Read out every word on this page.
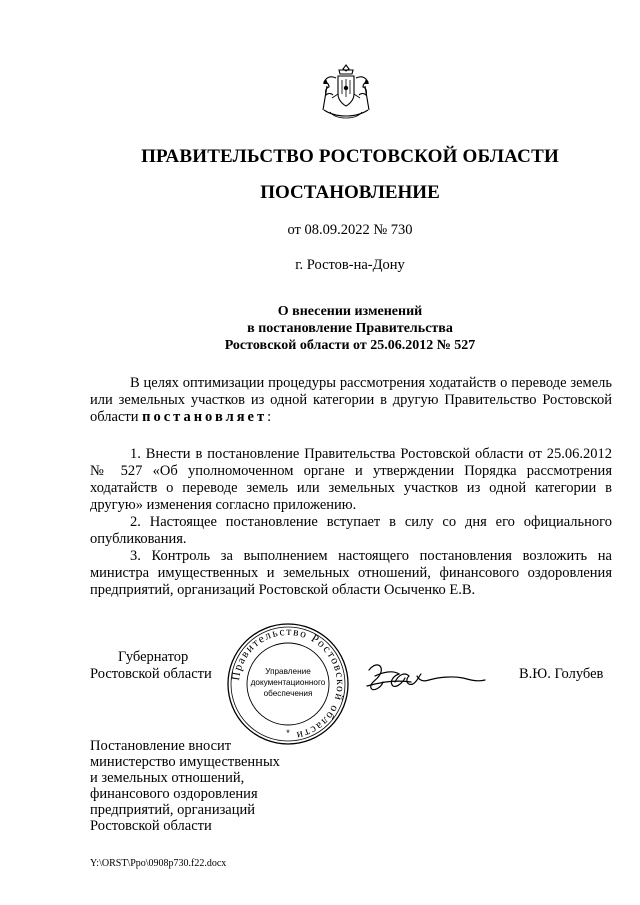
ПРАВИТЕЛЬСТВО РОСТОВСКОЙ ОБЛАСТИ
ПОСТАНОВЛЕНИЕ
от 08.09.2022 № 730
г. Ростов-на-Дону
О внесении изменений
в постановление Правительства
Ростовской области от 25.06.2012 № 527

В целях оптимизации процедуры рассмотрения ходатайств о переводе земель или земельных участков из одной категории в другую Правительство Ростовской области постановляет:

1. Внести в постановление Правительства Ростовской области от 25.06.2012 № 527 «Об уполномоченном органе и утверждении Порядка рассмотрения ходатайств о переводе земель или земельных участков из одной категории в другую» изменения согласно приложению.

2. Настоящее постановление вступает в силу со дня его официального опубликования.

3. Контроль за выполнением настоящего постановления возложить на министра имущественных и земельных отношений, финансового оздоровления предприятий, организаций Ростовской области Осыченко Е.В.

Губернатор
Ростовской области Правительство Ростовской области
Управление
документационного
обеспечения
*
В.Ю. Голубев
Постановление вносит
министерство имущественных
и земельных отношений,
финансового оздоровления
предприятий, организаций
Ростовской области
Y:\ORST\Ppo\0908p730.f22.docx
